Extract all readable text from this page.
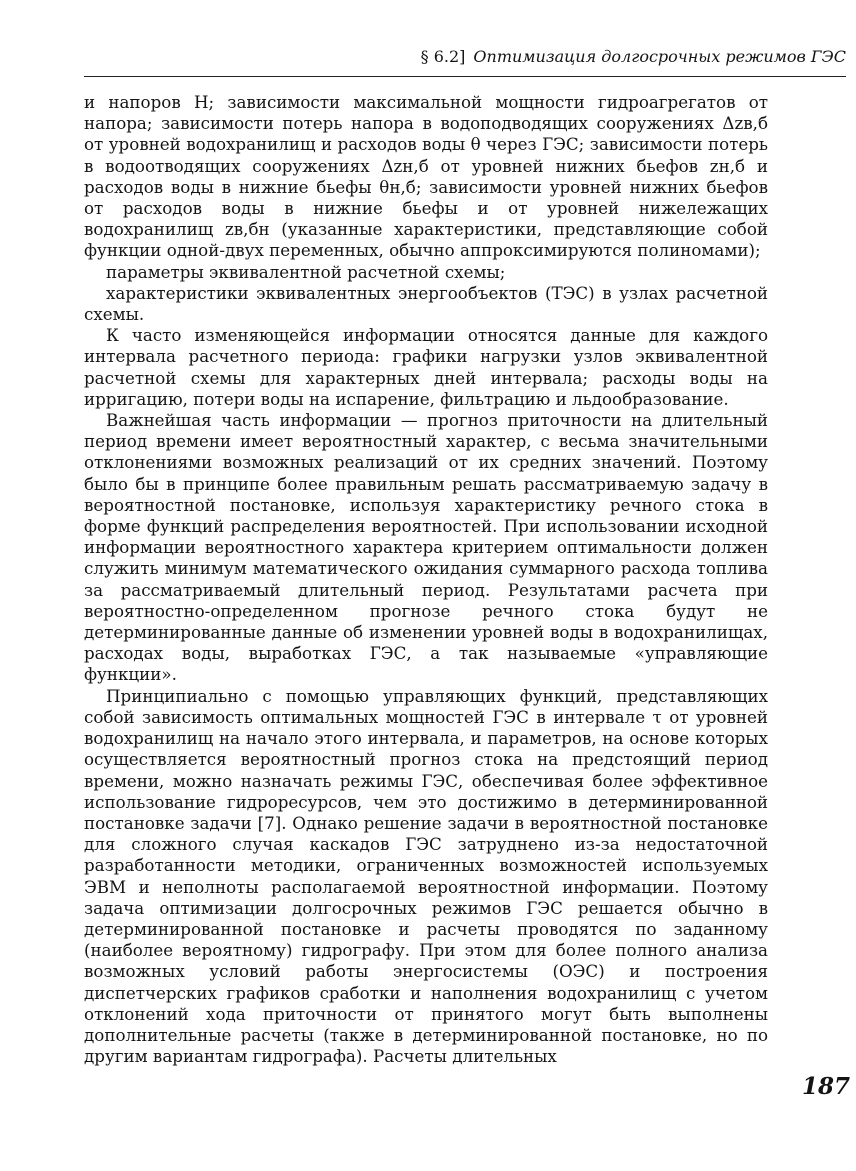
§ 6.2] Оптимизация долгосрочных режимов ГЭС

и напоров H; зависимости максимальной мощности гидроагрегатов от напора; зависимости потерь напора в водоподводящих сооружениях Δzв,б от уровней водохранилищ и расходов воды θ через ГЭС; зависимости потерь в водоотводящих сооружениях Δzн,б от уровней нижних бьефов zн,б и расходов воды в нижние бьефы θн,б; зависимости уровней нижних бьефов от расходов воды в нижние бьефы и от уровней нижележащих водохранилищ zв,бн (указанные характеристики, представляющие собой функции одной-двух переменных, обычно аппроксимируются полиномами);

параметры эквивалентной расчетной схемы;

характеристики эквивалентных энергообъектов (ТЭС) в узлах расчетной схемы.

К часто изменяющейся информации относятся данные для каждого интервала расчетного периода: графики нагрузки узлов эквивалентной расчетной схемы для характерных дней интервала; расходы воды на ирригацию, потери воды на испарение, фильтрацию и льдообразование.

Важнейшая часть информации — прогноз приточности на длительный период времени имеет вероятностный характер, с весьма значительными отклонениями возможных реализаций от их средних значений. Поэтому было бы в принципе более правильным решать рассматриваемую задачу в вероятностной постановке, используя характеристику речного стока в форме функций распределения вероятностей. При использовании исходной информации вероятностного характера критерием оптимальности должен служить минимум математического ожидания суммарного расхода топлива за рассматриваемый длительный период. Результатами расчета при вероятностно-определенном прогнозе речного стока будут не детерминированные данные об изменении уровней воды в водохранилищах, расходах воды, выработках ГЭС, а так называемые «управляющие функции».

Принципиально с помощью управляющих функций, представляющих собой зависимость оптимальных мощностей ГЭС в интервале τ от уровней водохранилищ на начало этого интервала, и параметров, на основе которых осуществляется вероятностный прогноз стока на предстоящий период времени, можно назначать режимы ГЭС, обеспечивая более эффективное использование гидроресурсов, чем это достижимо в детерминированной постановке задачи [7]. Однако решение задачи в вероятностной постановке для сложного случая каскадов ГЭС затруднено из-за недостаточной разработанности методики, ограниченных возможностей используемых ЭВМ и неполноты располагаемой вероятностной информации. Поэтому задача оптимизации долгосрочных режимов ГЭС решается обычно в детерминированной постановке и расчеты проводятся по заданному (наиболее вероятному) гидрографу. При этом для более полного анализа возможных условий работы энергосистемы (ОЭС) и построения диспетчерских графиков сработки и наполнения водохранилищ с учетом отклонений хода приточности от принятого могут быть выполнены дополнительные расчеты (также в детерминированной постановке, но по другим вариантам гидрографа). Расчеты длительных

187
